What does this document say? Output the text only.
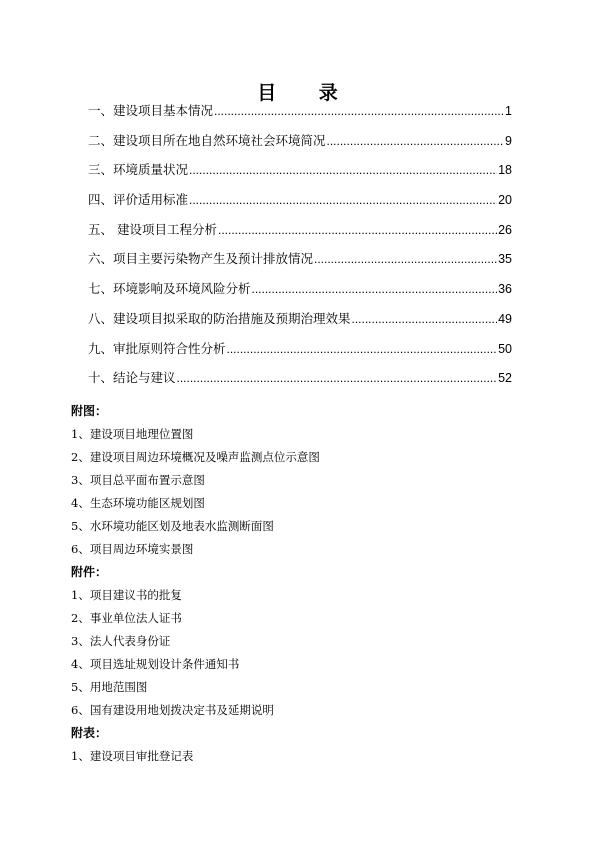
目 录
一、建设项目基本情况 .....	1
二、建设项目所在地自然环境社会环境简况 .....	9
三、环境质量状况 .....	18
四、评价适用标准 .....	20
五、 建设项目工程分析 .....	26
六、项目主要污染物产生及预计排放情况 .....	35
七、环境影响及环境风险分析 .....	36
八、建设项目拟采取的防治措施及预期治理效果 .....	49
九、审批原则符合性分析 .....	50
十、结论与建议 .....	52
附图：
1、建设项目地理位置图
2、建设项目周边环境概况及噪声监测点位示意图
3、项目总平面布置示意图
4、生态环境功能区规划图
5、水环境功能区划及地表水监测断面图
6、项目周边环境实景图
附件：
1、项目建议书的批复
2、事业单位法人证书
3、法人代表身份证
4、项目选址规划设计条件通知书
5、用地范围图
6、国有建设用地划拨决定书及延期说明
附表：
1、建设项目审批登记表
